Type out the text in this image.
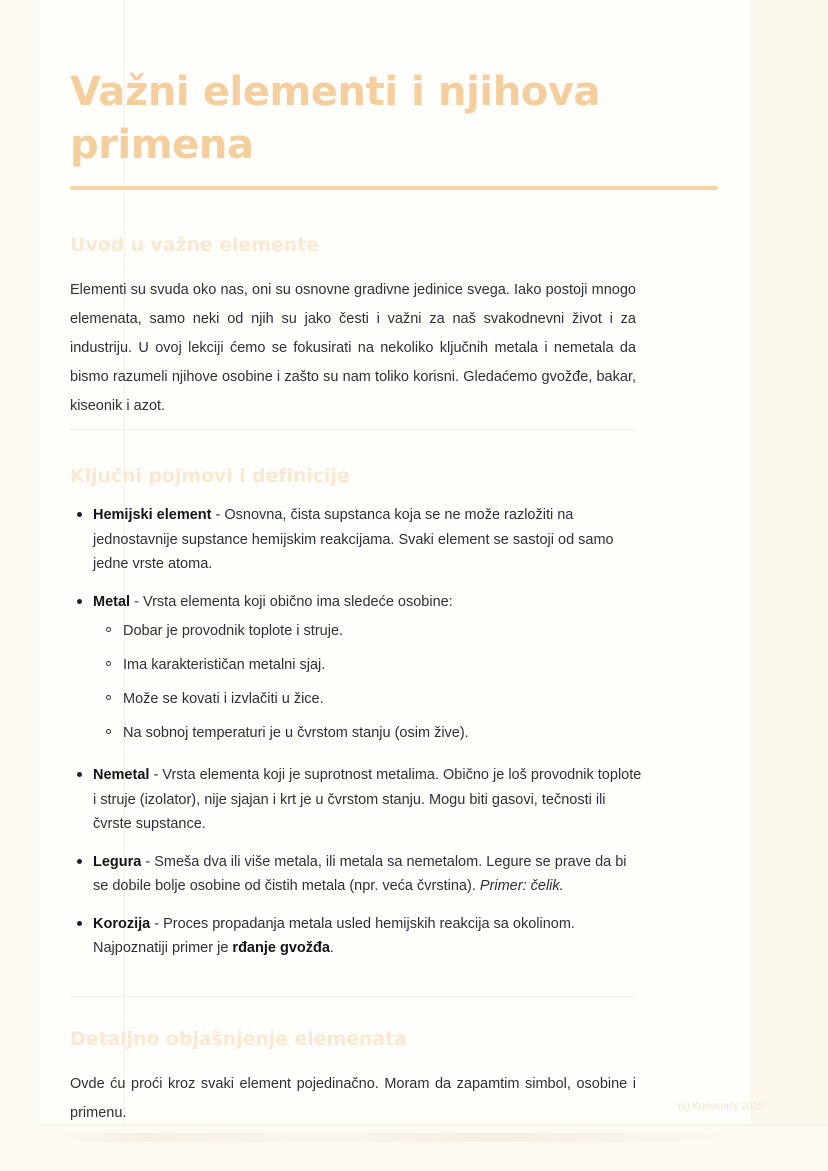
Važni elementi i njihova primena
Uvod u važne elemente

Elementi su svuda oko nas, oni su osnovne gradivne jedinice svega. Iako postoji mnogo elemenata, samo neki od njih su jako česti i važni za naš svakodnevni život i za industriju. U ovoj lekciji ćemo se fokusirati na nekoliko ključnih metala i nemetala da bismo razumeli njihove osobine i zašto su nam toliko korisni. Gledaćemo gvožđe, bakar, kiseonik i azot.

Ključni pojmovi i definicije
Hemijski element - Osnovna, čista supstanca koja se ne može razložiti na jednostavnije supstance hemijskim reakcijama. Svaki element se sastoji od samo jedne vrste atoma.
Metal - Vrsta elementa koji obično ima sledeće osobine:
Dobar je provodnik toplote i struje.
Ima karakterističan metalni sjaj.
Može se kovati i izvlačiti u žice.
Na sobnoj temperaturi je u čvrstom stanju (osim žive).
Nemetal - Vrsta elementa koji je suprotnost metalima. Obično je loš provodnik toplote i struje (izolator), nije sjajan i krt je u čvrstom stanju. Mogu biti gasovi, tečnosti ili čvrste supstance.
Legura - Smeša dva ili više metala, ili metala sa nemetalom. Legure se prave da bi se dobile bolje osobine od čistih metala (npr. veća čvrstina). Primer: čelik.
Korozija - Proces propadanja metala usled hemijskih reakcija sa okolinom. Najpoznatiji primer je rđanje gvožđa.
Detaljno objašnjenje elemenata

Ovde ću proći kroz svaki element pojedinačno. Moram da zapamtim simbol, osobine i primenu.	(c) Knowunity 2025
